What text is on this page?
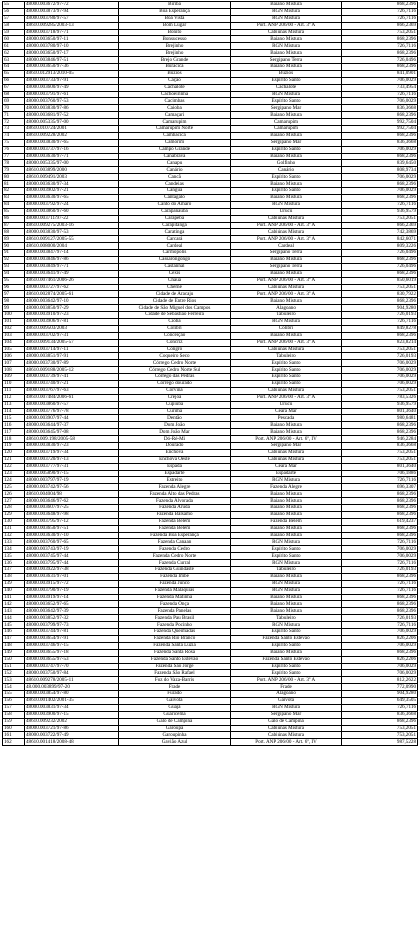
55	48000.003672/97-72	Biriba	Baiano Mistura	868,2396
56	48000.003873/97-94	Boa Esperança	RGN Mistura	726,7116
57	48000.003780/97-57	Boa Vista	RGN Mistura	726,7116
58	48610.009285/2003-13	Bom Lugar	Port. ANP 206/00 - Art. 3º A	866,2369
59	48000.003718/97-71	Bonito	Cabiúnas Mistura	753,2051
60	48000.003650/97-11	Bonsucesso	Baiano Mistura	868,2396
61	48000.003780/97-10	Brejinho	RGN Mistura	726,7116
62	48000.003650/97-17	Brejinho	Baiano Mistura	868,2396
63	48000.003846/97-51	Brejo Grande	Sergipano Terra	726,0496
64	48000.003650/97-36	Buracica	Baiano Mistura	868,2396
65	48610.012913/2010-05	Búzios	Búzios	841,0901
66	48000.003733/97-91	Cação	Espírito Santo	706,0029
67	48000.003600/97-49	Cachalote	Cachalote	733,4954
68	48000.003791/97-61	Cachoeirinha	RGN Mistura	726,7116
69	48000.003760/97-53	Cacimbas	Espírito Santo	706,0029
70	48000.003830/97-86	Caioba	Sergipano Mar	836,3668
71	48000.003681/97-52	Camaçari	Baiano Mistura	868,2396
72	48000.005335/97-00	Camarupim	Camarupim	992,7504
73	48610.010724/2001	Camarupim Norte	Camarupim	992,7504
74	48610.009228/2002	Cambacica	Baiano Mistura	868,2396
75	48000.003830/97-65	Camorim	Sergipano Mar	836,3668
76	48000.003737/97-16	Campo Grande	Espírito Santo	706,0029
77	48000.003630/97-71	Canabrava	Baiano Mistura	868,2396
78	48000.005335/97-00	Canapu	Golfinho	839,6450
79	48610.003899/2000	Canário	Canário	808,9734
80	48610.009491/2003	Cancã	Espírito Santo	706,0029
81	48000.003630/97-34	Candeias	Baiano Mistura	868,2396
82	48000.003902/97-21	Canguá	Espírito Santo	706,0029
83	48000.003630/97-65	Cantagalo	Baiano Mistura	868,2396
84	48000.003792/97-24	Canto do Amaro	RGN Mistura	726,7116
85	48000.003860/97-60	Carapanaúba	Urucu	936,9579
86	48000.003711/97-22	Carapeba	Cabiúnas Mistura	753,2051
87	48610.009275/2003-16	Carapitanga	Port. ANP 206/00 - Art. 3º A	866,2369
88	48000.003830/97-53	Caratinga	Cabiúnas Mistura	742,3869
89	48610.009127/2005-55	Carcará	Port. ANP 206/00 - Art. 3º A	842,6071
90	48610.008000/2004	Cardeal	Cardeal	809,3226
91	48000.003847/97-14	Carmópolis	Sergipano Terra	726,0496
92	48000.003846/97-86	Cassarongongo	Baiano Mistura	868,2396
93	48000.003849/97-71	Castanhal	Sergipano Terra	726,0496
94	48000.003641/97-49	Cexis	Baiano Mistura	868,2396
95	48610.007461/2006-26	Chauá	Port. ANP 206/00 - Art. 3º A	850,6019
96	48000.003727/97-62	Cherne	Cabiúnas Mistura	753,2051
97	48610.002874/2005-61	Cidade de Aracaju	Port. ANP 206/00 - Art. 3º A	830,7922
98	48000.003642/97-10	Cidade de Entre Rios	Baiano Mistura	868,2396
99	48000.003850/97-29	Cidade de São Miguel dos Campos	Alagoano	904,9280
100	48000.003910/97-23	Cidade de Sebastião Ferreira	Tabuleiro	726,0193
101	48000.003906/97-81	Cioba	RGN Mistura	726,7116
102	48610.009503/2003	Colibri	Colibri	849,8278
103	48000.003702/97-31	Conceição	Baiano Mistura	868,2396
104	48610.009134/2005-57	Concriz	Port. ANP 206/00 - Art. 3º A	823,8214
105	48000.003714/97-11	Congro	Cabiúnas Mistura	753,2051
106	48000.003851/97-91	Coqueiro Seco	Tabuleiro	726,0193
107	48000.003730/97-89	Córrego Cedro Norte	Espírito Santo	706,0029
108	48610.009188/2005-12	Córrego Cedro Norte Sul	Espírito Santo	706,0029
109	48000.003739/97-41	Córrego das Pedras	Espírito Santo	706,0029
110	48000.003740/97-21	Córrego dourado	Espírito Santo	706,0029
111	48000.003767/97-63	Corvina	Cabiúnas Mistura	753,2051
112	48610.007484/2006-61	Crejoá	Port. ANP 206/00 - Art. 3º A	783,5326
113	48000.003860/97-57	Cupiúba	Urucu	936,9579
114	48000.003776/97-78	Curimã	Ceara Mar	801,3640
115	48000.003907/97-44	Dentão	Pescada	980,6481
116	48000.003644/97-37	Dom João	Baiano Mistura	868,2396
117	48000.003645/97-08	Dom João Mar	Baiano Mistura	868,2396
118	48610.009.198/2005-58	Dó-Ré-Mi	Port. ANP 206/00 - Art. 6º, IV	946,2284
119	48000.003830/97-23	Dourado	Sergipano Mar	836,3668
120	48000.003719/97-34	Enchova	Cabiúnas Mistura	753,2051
121	48000.003720/97-13	Enchova Oeste	Cabiúnas Mistura	753,2051
122	48000.003777/97-31	Espada	Ceara Mar	801,3640
123	48000.005890/97-15	Espadarte	Espadarte	706,1886
124	48000.003797/97-19	Estreito	RGN Mistura	726,7116
125	48000.003742/97-56	Fazenda Alegre	Fazenda Alegre	696,3307
126	48610.004004/98	Fazenda Alto das Pedras	Baiano Mistura	868,2396
127	48000.003646/97-62	Fazenda Alvorada	Baiano Mistura	868,2396
128	48000.003607/97-25	Fazenda Aruda	Baiano Mistura	868,2396
129	48000.003648/97-98	Fazenda Bálsamo	Baiano Mistura	868,2396
130	48000.003795/97-12	Fazenda Belém	Fazenda Belém	619,4237
131	48000.003650/97-51	Fazenda Belém	Baiano Mistura	868,2396
132	48000.003630/97-10	Fazenda Boa Esperança	Baiano Mistura	868,2396
133	48000.003760/97-65	Fazenda Canaan	RGN Mistura	726,7116
134	48000.003743/97-19	Fazenda Cedro	Espírito Santo	706,0029
135	48000.003745/97-44	Fazenda Cedro Norte	Espírito Santo	706,0029
136	48000.003795/97-44	Fazenda Curral	RGN Mistura	726,7116
137	48000.003922/97-38	Fazenda Guindaste	Tabuleiro	726,0193
138	48000.003631/97-01	Fazenda Imbé	Baiano Mistura	868,2396
139	48000.003915/97-72	Fazenda Junco	RGN Mistura	726,7116
140	48000.003790/97-19	Fazenda Malaquias	RGN Mistura	726,7116
141	48000.003919/97-14	Fazenda Matinha	Baiano Mistura	868,2396
142	48000.003652/97-65	Fazenda Onça	Baiano Mistura	868,2396
143	48000.003642/97-39	Fazenda Panelas	Baiano Mistura	868,2396
144	48000.003852/97-32	Fazenda Pau Brasil	Tabuleiro	726,0193
145	48000.003799/97-73	Fazenda Pocinho	RGN Mistura	726,7116
146	48000.003744/97-81	Fazenda Queimadas	Espírito Santo	706,0029
147	48000.003654/97-91	Fazenda Rio Branco	Fazenda Santo Estevão	826,2206
148	48000.003746/97-15	Fazenda Santa Luzia	Espírito Santo	706,0029
149	48000.003655/97-18	Fazenda Santa Rosa	Baiano Mistura	868,2396
150	48000.003655/97-53	Fazenda Santo Estevão	Fazenda Santo Estevão	826,2206
151	48000.003747/97-70	Fazenda São Jorge	Espírito Santo	706,0029
152	48000.003750/97-84	Fazenda São Rafael	Espírito Santo	706,0029
153	48610.009278/2005-11	Foz do Vaza-Barris	Port. ANP 206/00 - Art. 3º A	812,2622
154	48.000.003899/97-20	Frade	Frade	772,0990
155	48000.003854/97-80	Furado	Alagoano	904,9280
156	48610.001402/2001-35	Gaivota	Gaivota	649,3505
157	48000.003831/97-34	Guajá	RGN Mistura	726,7116
158	48000.003900/97-15	Guaricema	Sergipano Mar	836,3668
159	48610.009232/2002	Galo de Campina	Galo de Campina	868,2396
160	48000.003721/97-86	Garoupa	Cabiúnas Mistura	753,2051
161	48000.003722/97-49	Garoupinha	Cabiúnas Mistura	753,2051
162	48610.001418/2008-48	Gavião Azul	Port. ANP 206/00 - Art. 6º, IV	987,5228
